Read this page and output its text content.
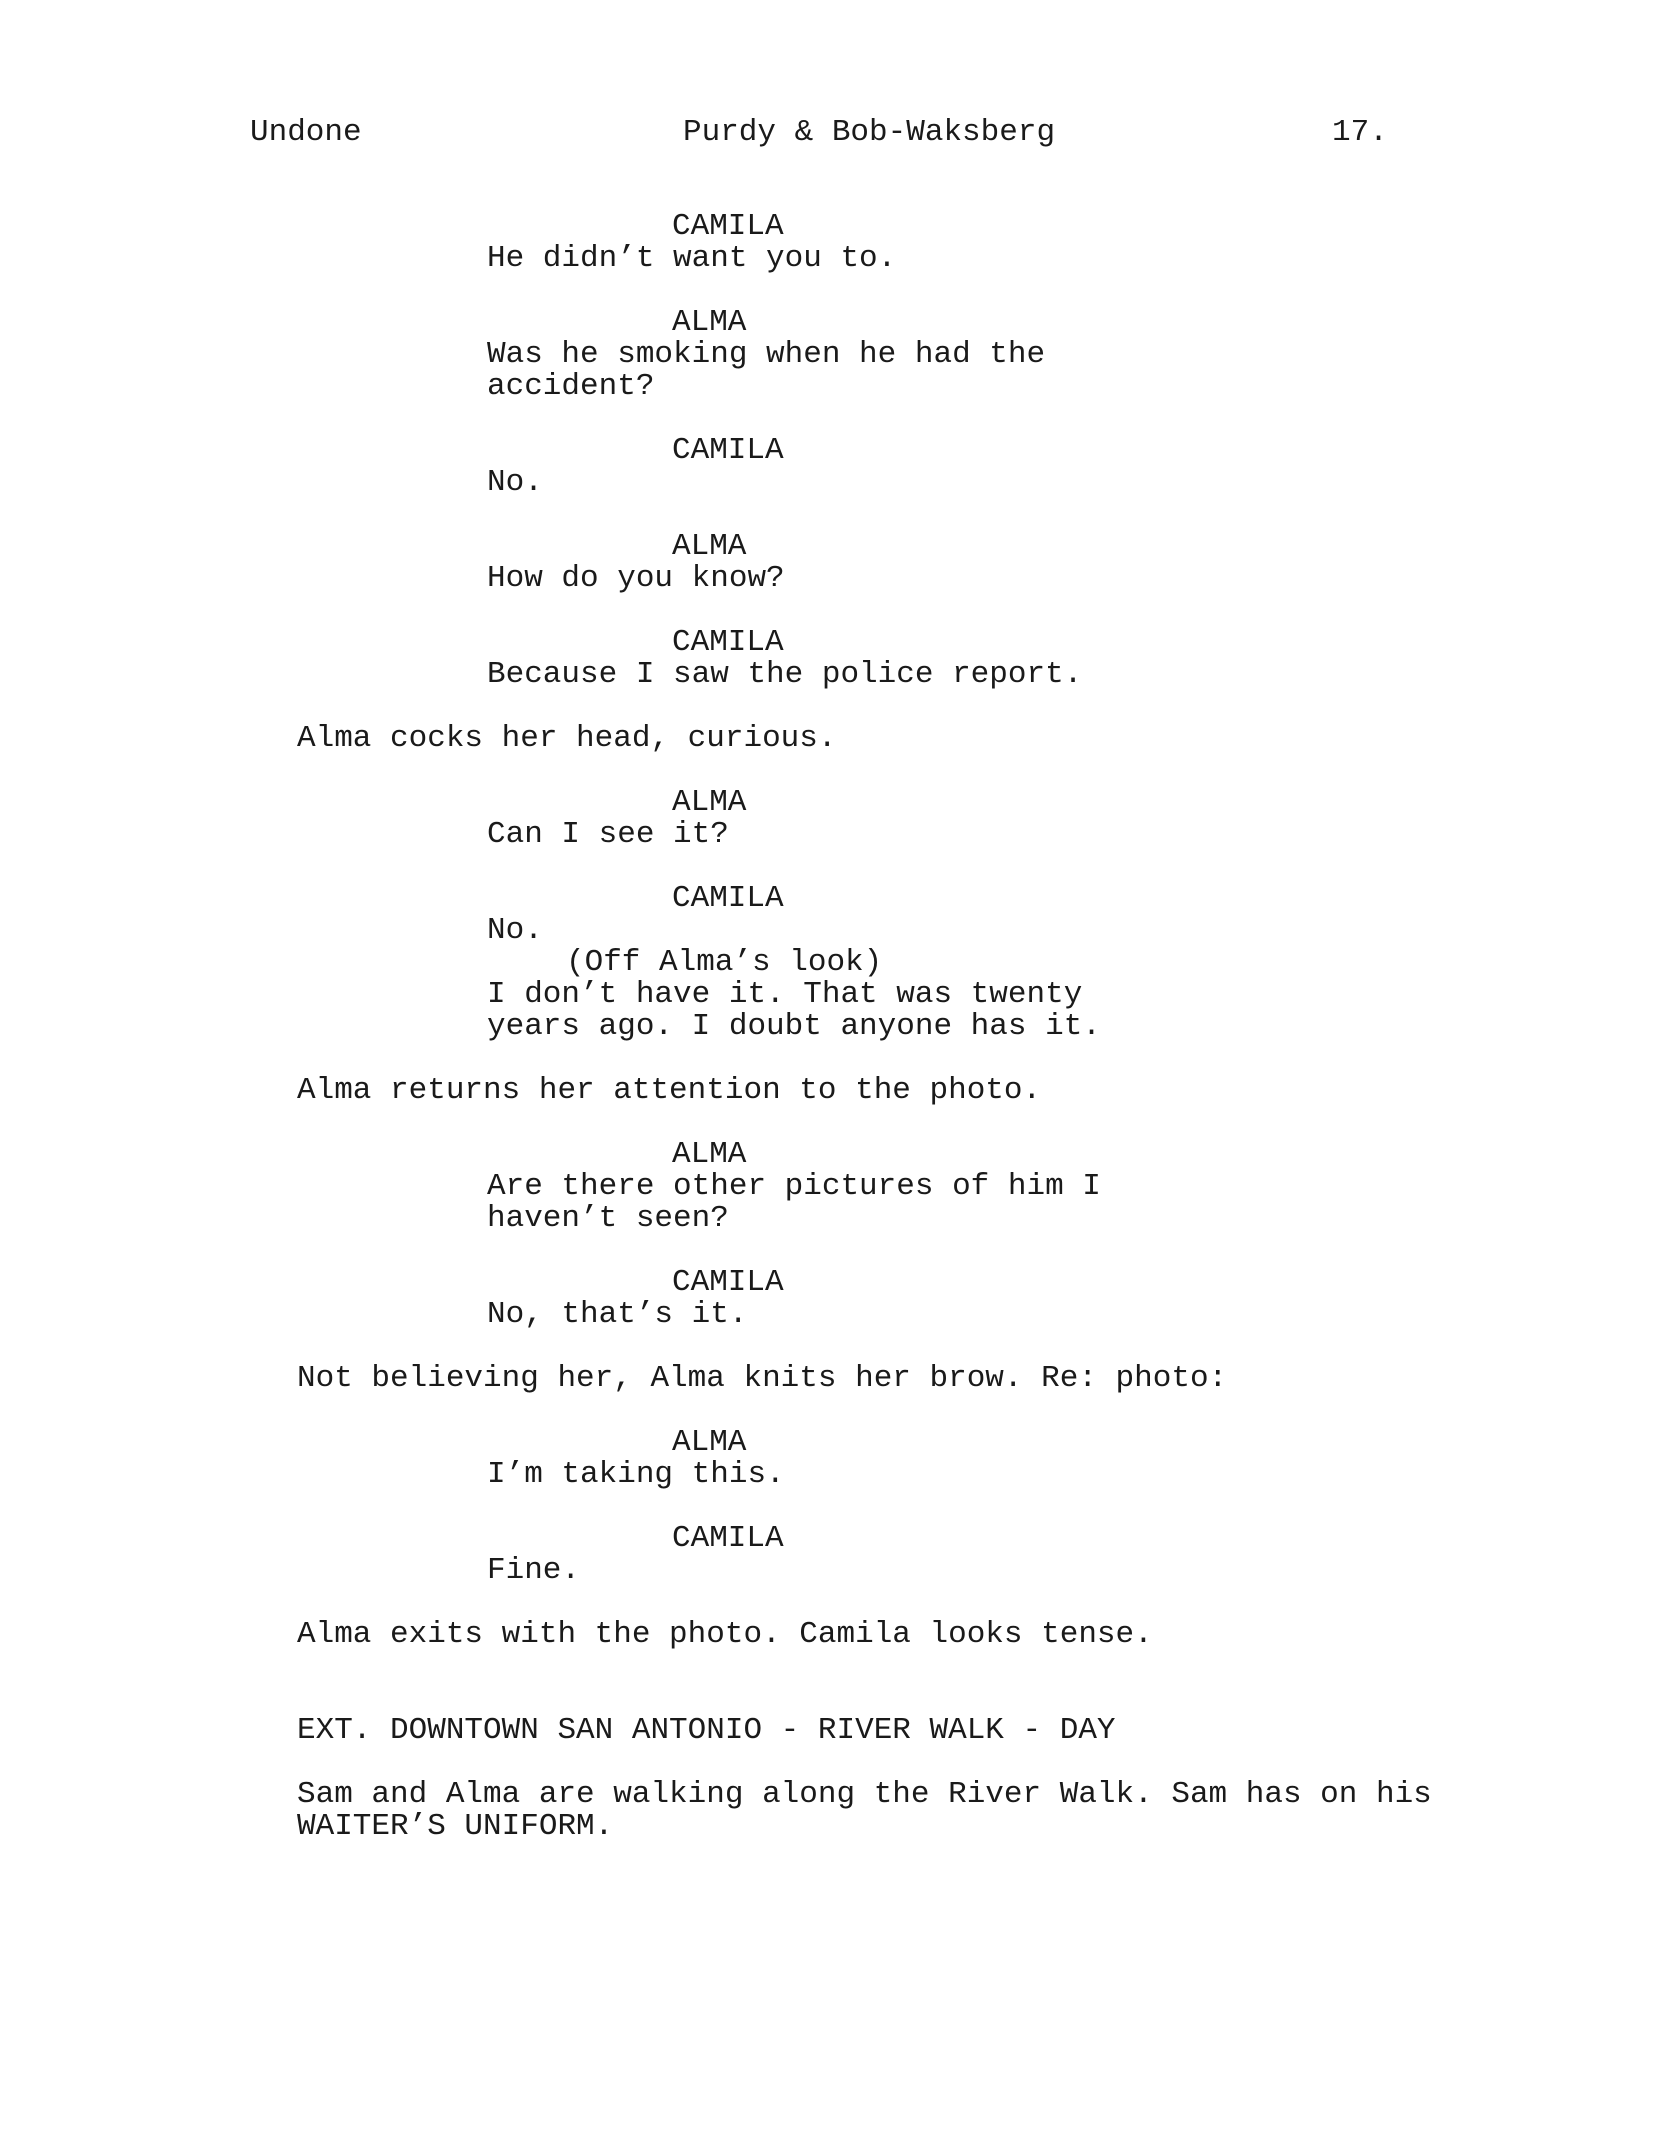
Undone	Purdy & Bob-Waksberg	17.
CAMILA
He didn’t want you to.
ALMA
Was he smoking when he had the
accident?
CAMILA
No.
ALMA
How do you know?
CAMILA
Because I saw the police report.
Alma cocks her head, curious.
ALMA
Can I see it?
CAMILA
No.
(Off Alma’s look)
I don’t have it. That was twenty
years ago. I doubt anyone has it.
Alma returns her attention to the photo.
ALMA
Are there other pictures of him I
haven’t seen?
CAMILA
No, that’s it.
Not believing her, Alma knits her brow. Re: photo:
ALMA
I’m taking this.
CAMILA
Fine.
Alma exits with the photo. Camila looks tense.
EXT. DOWNTOWN SAN ANTONIO - RIVER WALK - DAY
Sam and Alma are walking along the River Walk. Sam has on his
WAITER’S UNIFORM.
